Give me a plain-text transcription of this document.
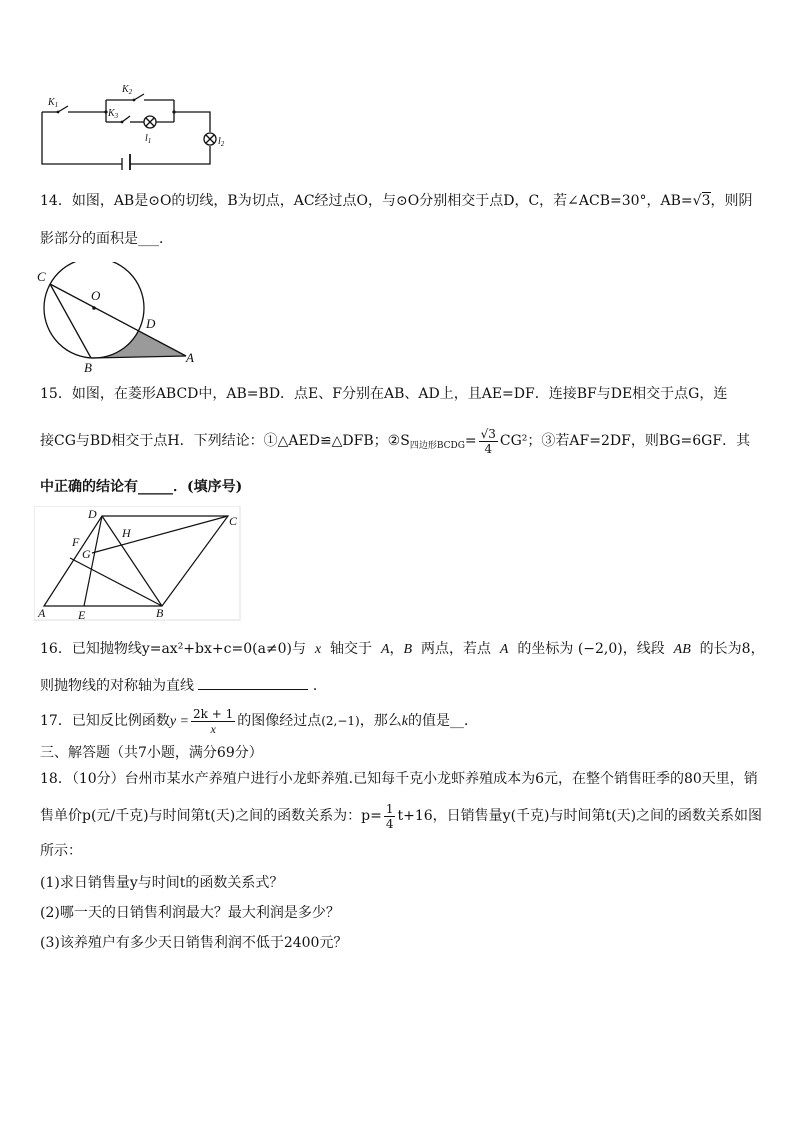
$K_1$
$K_2$
$K_3$
$l_1$	$l_2$
14．如图，AB是⊙O的切线，B为切点，AC经过点O，与⊙O分别相交于点D，C，若∠ACB=30°，AB=√3，则阴
影部分的面积是___．
C
O
D
B
A
15．如图，在菱形ABCD中，AB=BD．点E、F分别在AB、AD上，且AE=DF．连接BF与DE相交于点G，连
接CG与BD相交于点H．下列结论：①△AED≌△DFB；$②S_{四边形BCDG}= \frac{√3}{4} CG^2$；③若AF=2DF，则BG=6GF．其
中正确的结论有_____．(填序号)
D	C
H
F
G
A	E	B
16．已知抛物线y=ax²+bx+c=0(a≠0)与 x 轴交于 A，B 两点，若点 A 的坐标为 (−2,0)，线段 AB 的长为8，
则抛物线的对称轴为直线	．
17．已知反比例函数$y = \frac{2k + 1}{x}$ 的图像经过点(2,−1)，那么k的值是__．
三、解答题（共7小题，满分69分）
18．（10分）台州市某水产养殖户进行小龙虾养殖.已知每千克小龙虾养殖成本为6元，在整个销售旺季的80天里，销
售单价p(元/千克)与时间第t(天)之间的函数关系为：$p= \frac{1}{4} t+16$，日销售量y(千克)与时间第t(天)之间的函数关系如图
所示：
(1)求日销售量y与时间t的函数关系式？
(2)哪一天的日销售利润最大？最大利润是多少？
(3)该养殖户有多少天日销售利润不低于2400元？
